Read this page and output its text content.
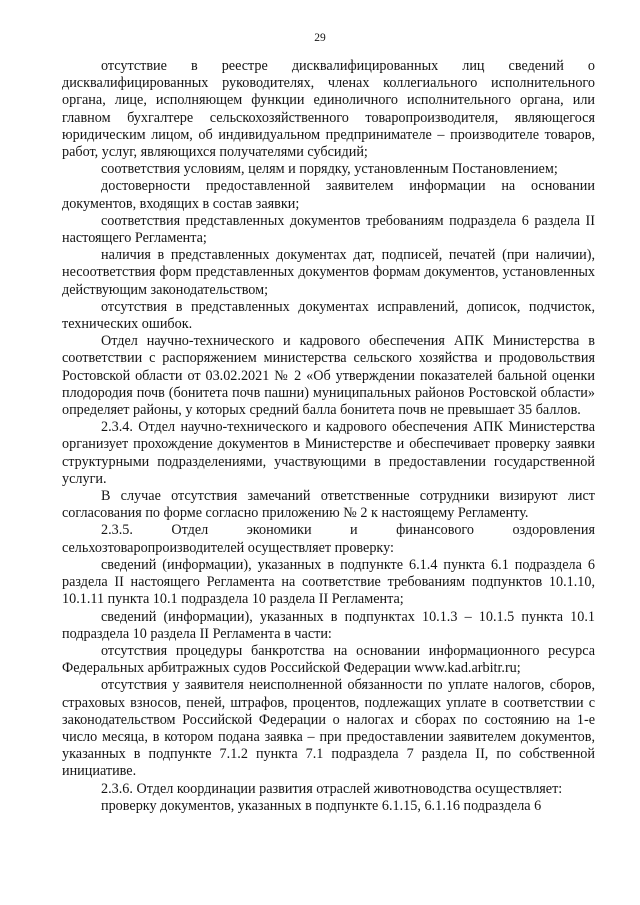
29

отсутствие в реестре дисквалифицированных лиц сведений о дисквалифицированных руководителях, членах коллегиального исполнительного органа, лице, исполняющем функции единоличного исполнительного органа, или главном бухгалтере сельскохозяйственного товаропроизводителя, являющегося юридическим лицом, об индивидуальном предпринимателе – производителе товаров, работ, услуг, являющихся получателями субсидий;

соответствия условиям, целям и порядку, установленным Постановлением;

достоверности предоставленной заявителем информации на основании документов, входящих в состав заявки;

соответствия представленных документов требованиям подраздела 6 раздела II настоящего Регламента;

наличия в представленных документах дат, подписей, печатей (при наличии), несоответствия форм представленных документов формам документов, установленных действующим законодательством;

отсутствия в представленных документах исправлений, дописок, подчисток, технических ошибок.

Отдел научно-технического и кадрового обеспечения АПК Министерства в соответствии с распоряжением министерства сельского хозяйства и продовольствия Ростовской области от 03.02.2021 № 2 «Об утверждении показателей бальной оценки плодородия почв (бонитета почв пашни) муниципальных районов Ростовской области» определяет районы, у которых средний балла бонитета почв не превышает 35 баллов.

2.3.4. Отдел научно-технического и кадрового обеспечения АПК Министерства организует прохождение документов в Министерстве и обеспечивает проверку заявки структурными подразделениями, участвующими в предоставлении государственной услуги.

В случае отсутствия замечаний ответственные сотрудники визируют лист согласования по форме согласно приложению № 2 к настоящему Регламенту.

2.3.5. Отдел экономики и финансового оздоровления сельхозтоваропроизводителей осуществляет проверку:

сведений (информации), указанных в подпункте 6.1.4 пункта 6.1 подраздела 6 раздела II настоящего Регламента на соответствие требованиям подпунктов 10.1.10, 10.1.11 пункта 10.1 подраздела 10 раздела II Регламента;

сведений (информации), указанных в подпунктах 10.1.3 – 10.1.5 пункта 10.1 подраздела 10 раздела II Регламента в части:

отсутствия процедуры банкротства на основании информационного ресурса Федеральных арбитражных судов Российской Федерации www.kad.arbitr.ru;

отсутствия у заявителя неисполненной обязанности по уплате налогов, сборов, страховых взносов, пеней, штрафов, процентов, подлежащих уплате в соответствии с законодательством Российской Федерации о налогах и сборах по состоянию на 1-е число месяца, в котором подана заявка – при предоставлении заявителем документов, указанных в подпункте 7.1.2 пункта 7.1 подраздела 7 раздела II, по собственной инициативе.

2.3.6. Отдел координации развития отраслей животноводства осуществляет:

проверку документов, указанных в подпункте 6.1.15, 6.1.16 подраздела 6
